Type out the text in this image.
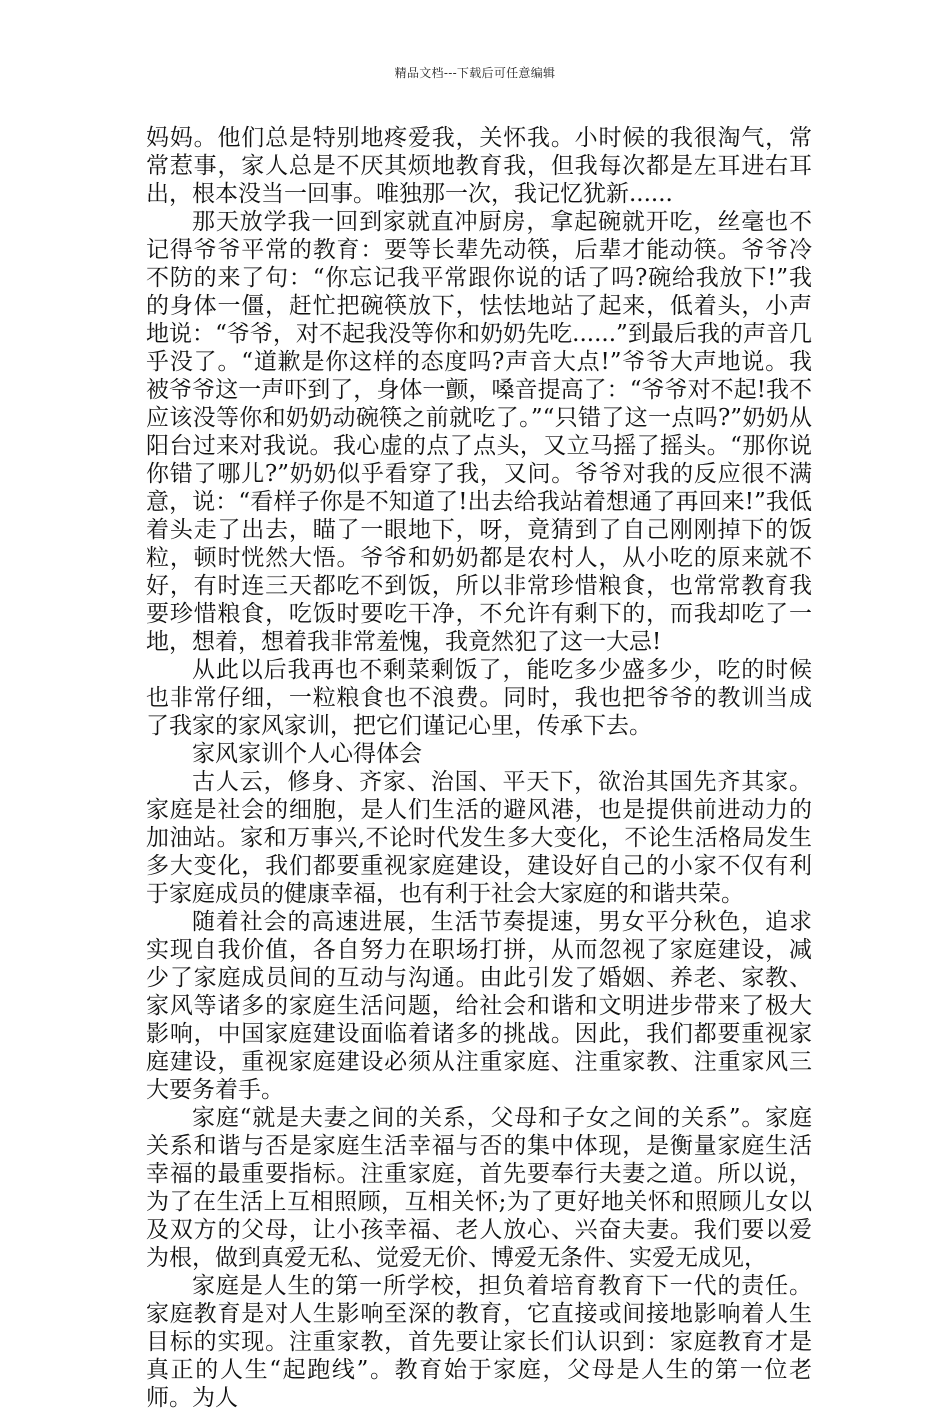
精品文档---下载后可任意编辑

妈妈。他们总是特别地疼爱我，关怀我。小时候的我很淘气，常常惹事，家人总是不厌其烦地教育我，但我每次都是左耳进右耳出，根本没当一回事。唯独那一次，我记忆犹新......

那天放学我一回到家就直冲厨房，拿起碗就开吃，丝毫也不记得爷爷平常的教育：要等长辈先动筷，后辈才能动筷。爷爷冷不防的来了句：“你忘记我平常跟你说的话了吗?碗给我放下!”我的身体一僵，赶忙把碗筷放下，怯怯地站了起来，低着头，小声地说：“爷爷，对不起我没等你和奶奶先吃......”到最后我的声音几乎没了。“道歉是你这样的态度吗?声音大点!”爷爷大声地说。我被爷爷这一声吓到了，身体一颤，嗓音提高了：“爷爷对不起!我不应该没等你和奶奶动碗筷之前就吃了。”“只错了这一点吗?”奶奶从阳台过来对我说。我心虚的点了点头，又立马摇了摇头。“那你说你错了哪儿?”奶奶似乎看穿了我，又问。爷爷对我的反应很不满意，说：“看样子你是不知道了!出去给我站着想通了再回来!”我低着头走了出去，瞄了一眼地下，呀，竟猜到了自己刚刚掉下的饭粒，顿时恍然大悟。爷爷和奶奶都是农村人，从小吃的原来就不好，有时连三天都吃不到饭，所以非常珍惜粮食，也常常教育我要珍惜粮食，吃饭时要吃干净，不允许有剩下的，而我却吃了一地，想着，想着我非常羞愧，我竟然犯了这一大忌!

从此以后我再也不剩菜剩饭了，能吃多少盛多少，吃的时候也非常仔细，一粒粮食也不浪费。同时，我也把爷爷的教训当成了我家的家风家训，把它们谨记心里，传承下去。

家风家训个人心得体会

古人云，修身、齐家、治国、平天下，欲治其国先齐其家。家庭是社会的细胞，是人们生活的避风港，也是提供前进动力的加油站。家和万事兴,不论时代发生多大变化，不论生活格局发生多大变化，我们都要重视家庭建设，建设好自己的小家不仅有利于家庭成员的健康幸福，也有利于社会大家庭的和谐共荣。

随着社会的高速进展，生活节奏提速，男女平分秋色，追求实现自我价值，各自努力在职场打拼，从而忽视了家庭建设，减少了家庭成员间的互动与沟通。由此引发了婚姻、养老、家教、家风等诸多的家庭生活问题，给社会和谐和文明进步带来了极大影响，中国家庭建设面临着诸多的挑战。因此，我们都要重视家庭建设，重视家庭建设必须从注重家庭、注重家教、注重家风三大要务着手。

家庭“就是夫妻之间的关系，父母和子女之间的关系”。家庭关系和谐与否是家庭生活幸福与否的集中体现，是衡量家庭生活幸福的最重要指标。注重家庭，首先要奉行夫妻之道。所以说，为了在生活上互相照顾，互相关怀;为了更好地关怀和照顾儿女以及双方的父母，让小孩幸福、老人放心、兴奋夫妻。我们要以爱为根，做到真爱无私、觉爱无价、博爱无条件、实爱无成见，

家庭是人生的第一所学校，担负着培育教育下一代的责任。家庭教育是对人生影响至深的教育，它直接或间接地影响着人生目标的实现。注重家教，首先要让家长们认识到：家庭教育才是真正的人生“起跑线”。教育始于家庭，父母是人生的第一位老师。为人
